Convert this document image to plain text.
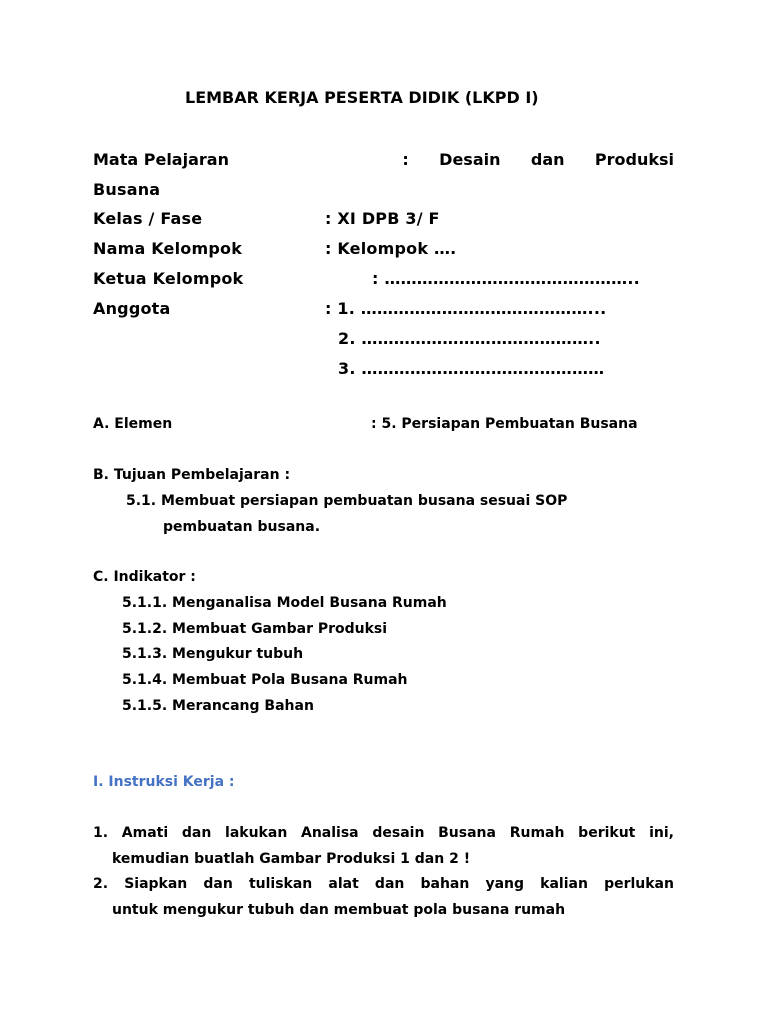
LEMBAR KERJA PESERTA DIDIK (LKPD I)
Mata Pelajaran	: Desain dan Produksi
Busana
Kelas / Fase	: XI DPB 3/ F
Nama Kelompok	: Kelompok ….
Ketua Kelompok	: ………………………………………..
Anggota	: 1. ……………………………………...
2. ……………………………………..
3. ………………………………………
A. Elemen	: 5. Persiapan Pembuatan Busana
B. Tujuan Pembelajaran :
5.1. Membuat persiapan pembuatan busana sesuai SOP
pembuatan busana.
C. Indikator :
5.1.1. Menganalisa Model Busana Rumah
5.1.2. Membuat Gambar Produksi
5.1.3. Mengukur tubuh
5.1.4. Membuat Pola Busana Rumah
5.1.5. Merancang Bahan
I. Instruksi Kerja :
1. Amati dan lakukan Analisa desain Busana Rumah berikut ini,
kemudian buatlah Gambar Produksi 1 dan 2 !
2. Siapkan dan tuliskan alat dan bahan yang kalian perlukan
untuk mengukur tubuh dan membuat pola busana rumah
